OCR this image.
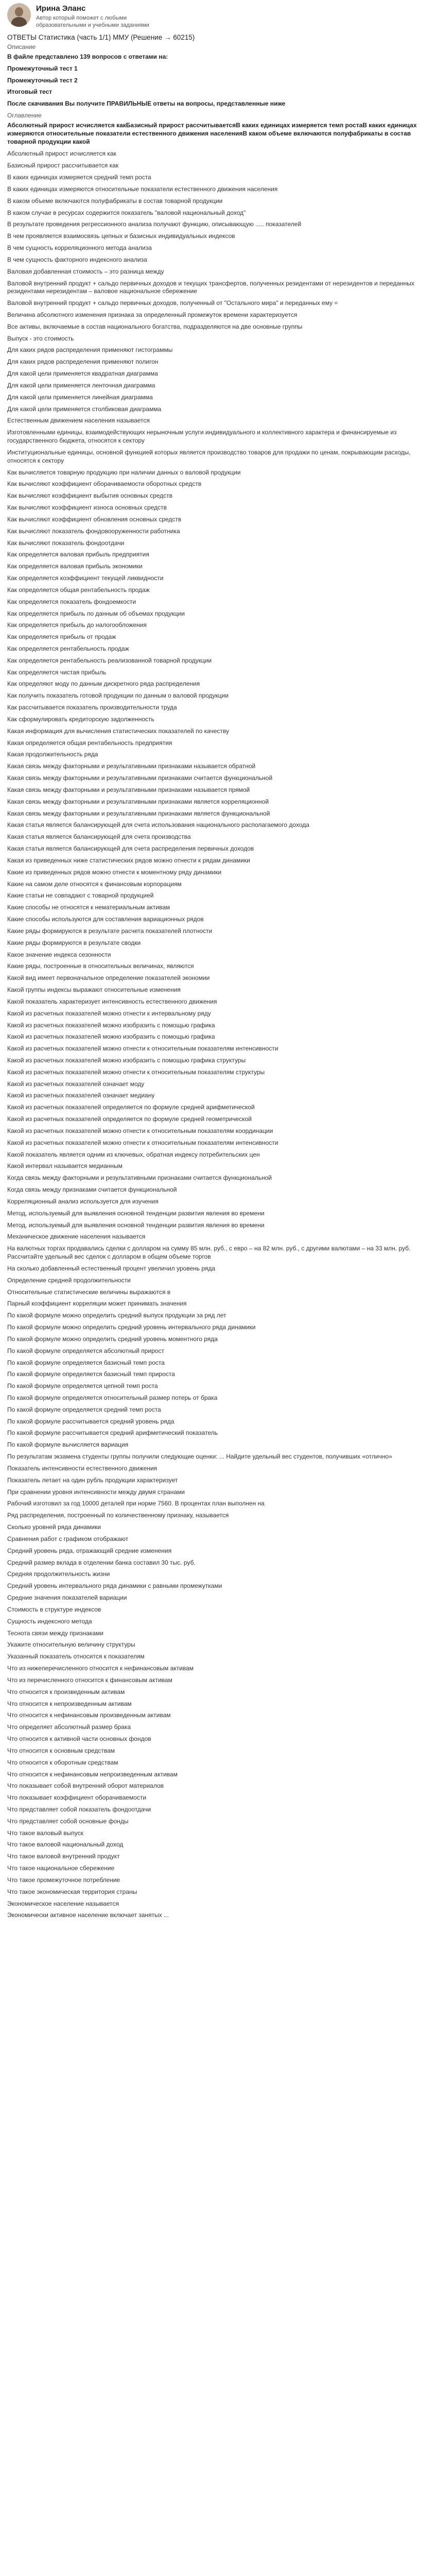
Ирина Эланс
Автор который поможет с любыми образовательными и учебными заданиями
ОТВЕТЫ Статистика (часть 1/1) ММУ (Решение → 60215)
Описание
В файле представлено 139 вопросов с ответами на:
Промежуточный тест 1
Промежуточный тест 2
Итоговый тест
После скачивания Вы получите ПРАВИЛЬНЫЕ ответы на вопросы, представленные ниже
Оглавление
Абсолютный прирост исчисляется какБазисный прирост рассчитываетсяВ каких единицах измеряется темп ростаВ каких единицах измеряются относительные показатели естественного движения населенияВ каком объеме включаются полуфабрикаты в состав товарной продукции какой
Абсолютный прирост исчисляется как
Базисный прирост рассчитывается как
В каких единицах измеряется средний темп роста
В каких единицах измеряются относительные показатели естественного движения населения
В каком объеме включаются полуфабрикаты в состав товарной продукции
В каком случае в ресурсах содержится показатель "валовой национальный доход"
В результате проведения регрессионного анализа получают функцию, описывающую ..... показателей
В чем проявляется взаимосвязь цепных и базисных индивидуальных индексов
В чем сущность корреляционного метода анализа
В чем сущность факторного индексного анализа
Валовая добавленная стоимость – это разница между
Валовой внутренний продукт + сальдо первичных доходов и текущих трансфертов, полученных резидентами от нерезидентов и переданных резидентами нерезидентам – валовое национальное сбережение
Валовой внутренний продукт + сальдо первичных доходов, полученный от "Остального мира" и переданных ему =
Величина абсолютного изменения признака за определенный промежуток времени характеризуется
Все активы, включаемые в состав национального богатства, подразделяются на две основные группы
Выпуск - это стоимость
Для каких рядов распределения применяют гистограммы
Для каких рядов распределения применяют полигон
Для какой цели применяется квадратная диаграмма
Для какой цели применяется ленточная диаграмма
Для какой цели применяется линейная диаграмма
Для какой цели применяется столбиковая диаграмма
Естественным движением населения называется
Изготовленными единицы, взаимодействующих нерыночным услуги индивидуального и коллективного характера и финансируемые из государственного бюджета, относятся к сектору
Институциональные единицы, основной функцией которых является производство товаров для продажи по ценам, покрывающим расходы, относятся к сектору
Как вычисляется товарную продукцию при наличии данных о валовой продукции
Как вычисляют коэффициент оборачиваемости оборотных средств
Как вычисляют коэффициент выбытия основных средств
Как вычисляют коэффициент износа основных средств
Как вычисляют коэффициент обновления основных средств
Как вычисляют показатель фондовооруженности работника
Как вычисляют показатель фондоотдачи
Как определяется валовая прибыль предприятия
Как определяется валовая прибыль экономики
Как определяется коэффициент текущей ликвидности
Как определяется общая рентабельность продаж
Как определяется показатель фондоемкости
Как определяется прибыль по данным об объемах продукции
Как определяется прибыль до налогообложения
Как определяется прибыль от продаж
Как определяется рентабельность продаж
Как определяется рентабельность реализованной товарной продукции
Как определяется чистая прибыль
Как определяют моду по данным дискретного ряда распределения
Как получить показатель готовой продукции по данным о валовой продукции
Как рассчитывается показатель производительности труда
Как сформулировать кредиторскую задолженность
Какая информация для вычисления статистических показателей по качеству
Какая определяется общая рентабельность предприятия
Какая продолжительность ряда
Какая связь между факторными и результативными признаками называется обратной
Какая связь между факторными и результативными признаками считается функциональной
Какая связь между факторными и результативными признаками называется прямой
Какая связь между факторными и результативными признаками является корреляционной
Какая связь между факторными и результативными признаками является функциональной
Какая статья является балансирующей для счета использования национального располагаемого дохода
Какая статья является балансирующей для счета производства
Какая статья является балансирующей для счета распределения первичных доходов
Какая из приведенных ниже статистических рядов можно отнести к рядам динамики
Какие из приведенных рядов можно отнести к моментному ряду динамики
Какие на самом деле относятся к финансовым корпорациям
Какие статьи не совпадают с товарной продукцией
Какие способы не относятся к нематериальным активам
Какие способы используются для составления вариационных рядов
Какие ряды формируются в результате расчета показателей плотности
Какие ряды формируются в результате сводки
Какое значение индекса сезонности
Какие ряды, построенные в относительных величинах, являются
Какой вид имеет первоначальное определение показателей экономии
Какой группы индексы выражают относительные изменения
Какой показатель характеризует интенсивность естественного движения
Какой из расчетных показателей можно отнести к интервальному ряду
Какой из расчетных показателей можно изобразить с помощью графика
Какой из расчетных показателей можно изобразить с помощью графика
Какой из расчетных показателей можно отнести к относительным показателям интенсивности
Какой из расчетных показателей можно изобразить с помощью графика структуры
Какой из расчетных показателей можно отнести к относительным показателям структуры
Какой из расчетных показателей означает моду
Какой из расчетных показателей означает медиану
Какой из расчетных показателей определяется по формуле средней арифметической
Какой из расчетных показателей определяется по формуле средней геометрической
Какой из расчетных показателей можно отнести к относительным показателям координации
Какой из расчетных показателей можно отнести к относительным показателям интенсивности
Какой показатель является одним из ключевых, обратная индексу потребительских цен
Какой интервал называется медианным
Когда связь между факторными и результативными признаками считается функциональной
Когда связь между признаками считается функциональной
Корреляционный анализ используется для изучения
Метод, используемый для выявления основной тенденции развития явления во времени
Метод, используемый для выявления основной тенденции развития явления во времени
Механическое движение населения называется
На валютных торгах продавались сделки с долларом на сумму 85 млн. руб., с евро – на 82 млн. руб., с другими валютами – на 33 млн. руб. Рассчитайте удельный вес сделок с долларом в общем объеме торгов
На сколько добавленный естественный процент увеличил уровень ряда
Определение средней продолжительности
Относительные статистические величины выражаются в
Парный коэффициент корреляции может принимать значения
По какой формуле можно определить средний выпуск продукции за ряд лет
По какой формуле можно определить средний уровень интервального ряда динамики
По какой формуле можно определить средний уровень моментного ряда
По какой формуле определяется абсолютный прирост
По какой формуле определяется базисный темп роста
По какой формуле определяется базисный темп прироста
По какой формуле определяется цепной темп роста
По какой формуле определяется относительный размер потерь от брака
По какой формуле определяется средний темп роста
По какой формуле рассчитывается средний уровень ряда
По какой формуле рассчитывается средний арифметический показатель
По какой формуле вычисляется вариация
По результатам экзамена студенты группы получили следующие оценки: ... Найдите удельный вес студентов, получивших «отлично»
Показатель интенсивности естественного движения
Показатель летает на один рубль продукции характеризует
При сравнении уровня интенсивности между двумя странами
Рабочий изготовил за год 10000 деталей при норме 7560. В процентах план выполнен на
Ряд распределения, построенный по количественному признаку, называется
Сколько уровней ряда динамики
Сравнения работ с графиком отображают
Средний уровень ряда, отражающий средние изменения
Средний размер вклада в отделении банка составил 30 тыс. руб.
Средняя продолжительность жизни
Средний уровень интервального ряда динамики с равными промежутками
Средние значения показателей вариации
Стоимость в структуре индексов
Сущность индексного метода
Теснота связи между признаками
Укажите относительную величину структуры
Указанный показатель относится к показателям
Что из нижеперечисленного относится к нефинансовым активам
Что из перечисленного относится к финансовым активам
Что относится к произведенным активам
Что относится к непроизведенным активам
Что относится к нефинансовым произведенным активам
Что определяет абсолютный размер брака
Что относится к активной части основных фондов
Что относится к основным средствам
Что относится к оборотным средствам
Что относится к нефинансовым непроизведенным активам
Что показывает собой внутренний оборот материалов
Что показывает коэффициент оборачиваемости
Что представляет собой показатель фондоотдачи
Что представляет собой основные фонды
Что такое валовый выпуск
Что такое валовой национальный доход
Что такое валовой внутренний продукт
Что такое национальное сбережение
Что такое промежуточное потребление
Что такое экономическая территория страны
Экономическое население называется
Экономически активное население включает занятых ...
